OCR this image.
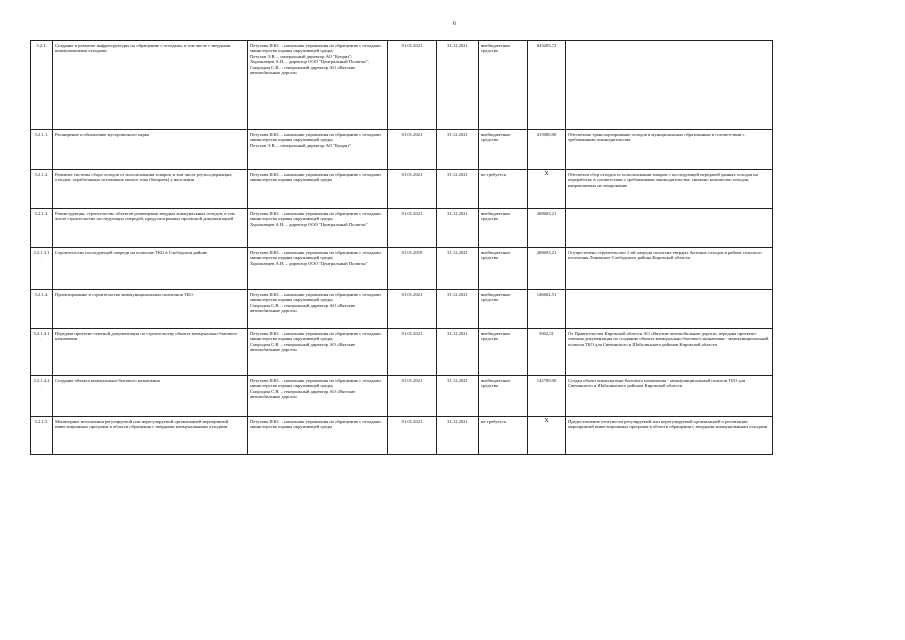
6
3.2.1.	Создание и развитие инфраструктуры по обращению с отходами, в том числе с твердыми коммунальными отходами	Петухова И.Ю. – начальник управления по обращению с отходами министерства охраны окружающей среды;
Петухов Э.В. – генеральный директор АО "Куприт";
Хорошавцев А.Н. – директор ООО "Центральный Полигон";
Смородин С.В. – генеральный директор АО «Вятские автомобильные дороги»	01.01.2021	31.12.2021	внебюджетные средства	843205,72	
3.2.1.1.	Расширение и обновление мусоровозного парка	Петухова И.Ю. – начальник управления по обращению с отходами министерства охраны окружающей среды;
Петухов Э.В. – генеральный директор АО "Куприт"	01.01.2021	31.12.2021	внебюджетные средства	415000,00	Обеспечено транспортирование отходов в муниципальных образованиях в соответствии с требованиями законодательства
3.2.1.2.	Развитие системы сбора отходов от использования товаров, в том числе ртутьсодержащих отходов, отработанных источников малого тока (батареек) у населения	Петухова И.Ю. – начальник управления по обращению с отходами министерства охраны окружающей среды	01.01.2021	31.12.2021	не требуется	X	Обеспечен сбор отходов от использования товаров с последующей передачей данных отходов на переработку в соответствии с требованиями законодательства, снижено количество отходов, направляемых на захоронение
3.2.1.3.	Реконструкция, строительство объектов размещения твердых коммунальных отходов, в том числе строительство последующих очередей, предусмотренных проектной документацией	Петухова И.Ю. – начальник управления по обращению с отходами министерства охраны окружающей среды;
Хорошавцев А.Н. – директор ООО "Центральный Полигон"	01.01.2021	31.12.2021	внебюджетные средства	268603,21	
3.2.1.3.1.	Строительство последующей очереди на полигоне ТКО в Слободском районе	Петухова И.Ю. – начальник управления по обращению с отходами министерства охраны окружающей среды;
Хорошавцев А.Н. – директор ООО "Центральный Полигон"	01.01.2019	31.12.2021	внебюджетные средства	268603,21	Осуществлено строительство 1-ой очереди полигона твердых бытовых отходов в районе сельского поселения Ленинское Слободского района Кировской области
3.2.1.4.	Проектирование и строительство межмуниципальных полигонов ТБО	Петухова И.Ю. – начальник управления по обращению с отходами министерства охраны окружающей среды;
Смородин С.В. – генеральный директор АО «Вятские автомобильные дороги»	01.01.2021	31.12.2021	внебюджетные средства	146602,51	
3.2.1.4.1.	Передача проектно-сметной документации по строительству объекта коммунально-бытового назначения	Петухова И.Ю. – начальник управления по обращению с отходами министерства охраны окружающей среды;
Смородин С.В. – генеральный директор АО «Вятские автомобильные дороги»	01.01.2021	31.12.2021	внебюджетные средства	3902,51	От Правительства Кировской области АО «Вятские автомобильные дороги» передана проектно-сметная документация по созданию объекта коммунально-бытового назначения - межмуниципальный полигон ТБО для Свечинского и Шабалинского районов Кировской области
3.2.1.4.2.	Создание объекта коммунально-бытового назначения	Петухова И.Ю. – начальник управления по обращению с отходами министерства охраны окружающей среды;
Смородин С.В. – генеральный директор АО «Вятские автомобильные дороги»	01.01.2021	31.12.2021	внебюджетные средства	142700,00	Создан объект коммунально-бытового назначения - межмуниципальный полигон ТБО для Свечинского и Шабалинского районов Кировской области
3.2.1.5.	Мониторинг исполнения регулируемой или нерегулируемой организацией мероприятий инвестиционных программ в области обращения с твердыми коммунальными отходами	Петухова И.Ю. – начальник управления по обращению с отходами министерства охраны окружающей среды	01.01.2021	31.12.2021	не требуется	X	Предоставление отчетности регулируемой или нерегулируемой организацией о реализации мероприятий инвестиционных программ в области обращения с твердыми коммунальными отходами
